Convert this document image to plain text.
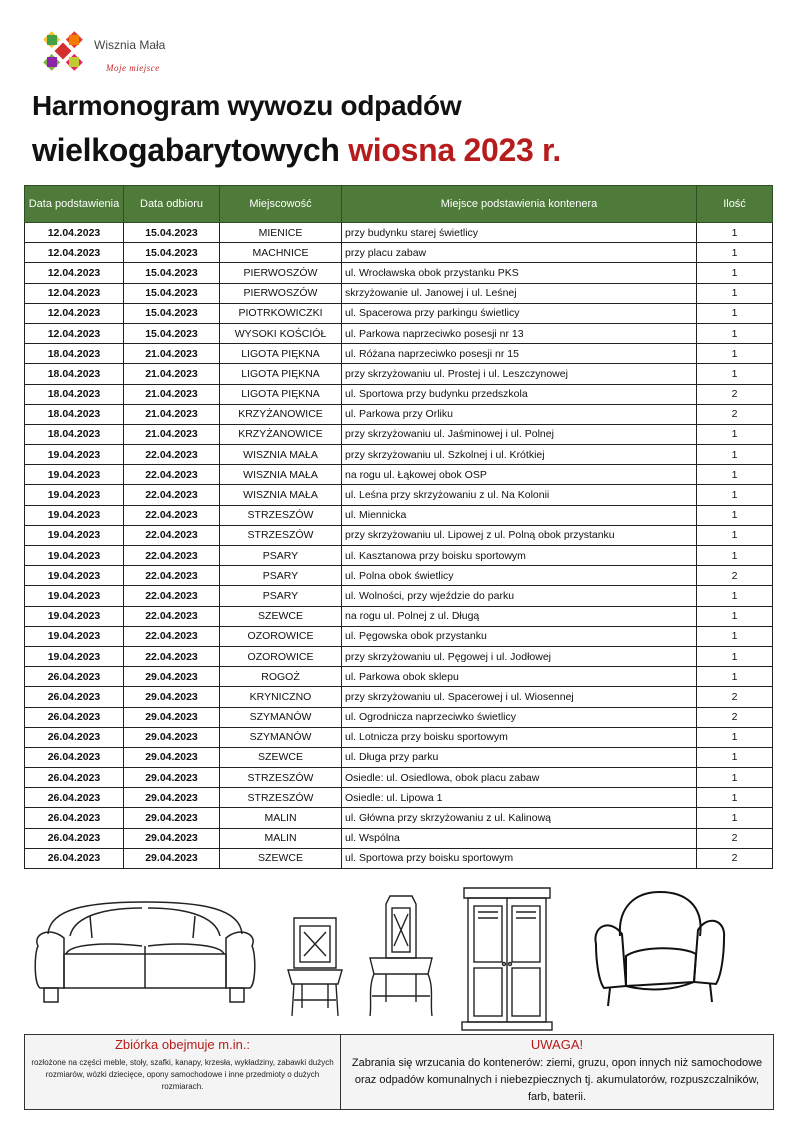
Wisznia Mała
Moje miejsce
Harmonogram wywozu odpadów
wielkogabarytowych wiosna 2023 r.
Data podstawienia	Data odbioru	Miejscowość	Miejsce podstawienia kontenera	Ilość
12.04.2023	15.04.2023	MIENICE	przy budynku starej świetlicy	1
12.04.2023	15.04.2023	MACHNICE	przy placu zabaw	1
12.04.2023	15.04.2023	PIERWOSZÓW	ul. Wrocławska obok przystanku PKS	1
12.04.2023	15.04.2023	PIERWOSZÓW	skrzyżowanie ul. Janowej i ul. Leśnej	1
12.04.2023	15.04.2023	PIOTRKOWICZKI	ul. Spacerowa przy parkingu świetlicy	1
12.04.2023	15.04.2023	WYSOKI KOŚCIÓŁ	ul. Parkowa naprzeciwko posesji nr 13	1
18.04.2023	21.04.2023	LIGOTA PIĘKNA	ul. Różana naprzeciwko posesji nr 15	1
18.04.2023	21.04.2023	LIGOTA PIĘKNA	przy skrzyżowaniu ul. Prostej i ul. Leszczynowej	1
18.04.2023	21.04.2023	LIGOTA PIĘKNA	ul. Sportowa przy budynku przedszkola	2
18.04.2023	21.04.2023	KRZYŻANOWICE	ul. Parkowa przy Orliku	2
18.04.2023	21.04.2023	KRZYŻANOWICE	przy skrzyżowaniu ul. Jaśminowej i ul. Polnej	1
19.04.2023	22.04.2023	WISZNIA MAŁA	przy skrzyżowaniu ul. Szkolnej i ul. Krótkiej	1
19.04.2023	22.04.2023	WISZNIA MAŁA	na rogu ul. Łąkowej obok OSP	1
19.04.2023	22.04.2023	WISZNIA MAŁA	ul. Leśna przy skrzyżowaniu z ul. Na Kolonii	1
19.04.2023	22.04.2023	STRZESZÓW	ul. Miennicka	1
19.04.2023	22.04.2023	STRZESZÓW	przy skrzyżowaniu ul. Lipowej z ul. Polną obok przystanku	1
19.04.2023	22.04.2023	PSARY	ul. Kasztanowa przy boisku sportowym	1
19.04.2023	22.04.2023	PSARY	ul. Polna obok świetlicy	2
19.04.2023	22.04.2023	PSARY	ul. Wolności, przy wjeździe do parku	1
19.04.2023	22.04.2023	SZEWCE	na rogu ul. Polnej z ul. Długą	1
19.04.2023	22.04.2023	OZOROWICE	ul. Pęgowska obok przystanku	1
19.04.2023	22.04.2023	OZOROWICE	przy skrzyżowaniu ul. Pęgowej i ul. Jodłowej	1
26.04.2023	29.04.2023	ROGOŻ	ul. Parkowa obok sklepu	1
26.04.2023	29.04.2023	KRYNICZNO	przy skrzyżowaniu ul. Spacerowej i ul. Wiosennej	2
26.04.2023	29.04.2023	SZYMANÓW	ul. Ogrodnicza naprzeciwko świetlicy	2
26.04.2023	29.04.2023	SZYMANÓW	ul. Lotnicza przy boisku sportowym	1
26.04.2023	29.04.2023	SZEWCE	ul. Długa przy parku	1
26.04.2023	29.04.2023	STRZESZÓW	Osiedle: ul. Osiedlowa, obok placu zabaw	1
26.04.2023	29.04.2023	STRZESZÓW	Osiedle: ul. Lipowa 1	1
26.04.2023	29.04.2023	MALIN	ul. Główna przy skrzyżowaniu z ul. Kalinową	1
26.04.2023	29.04.2023	MALIN	ul. Wspólna	2
26.04.2023	29.04.2023	SZEWCE	ul. Sportowa przy boisku sportowym	2
Zbiórka obejmuje m.in.:

rozłożone na części meble, stoły, szafki, kanapy, krzesła, wykładziny, zabawki dużych rozmiarów, wózki dziecięce, opony samochodowe i inne przedmioty o dużych rozmiarach.

UWAGA!

Zabrania się wrzucania do kontenerów: ziemi, gruzu, opon innych niż samochodowe oraz odpadów komunalnych i niebezpiecznych tj. akumulatorów, rozpuszczalników, farb, baterii.
